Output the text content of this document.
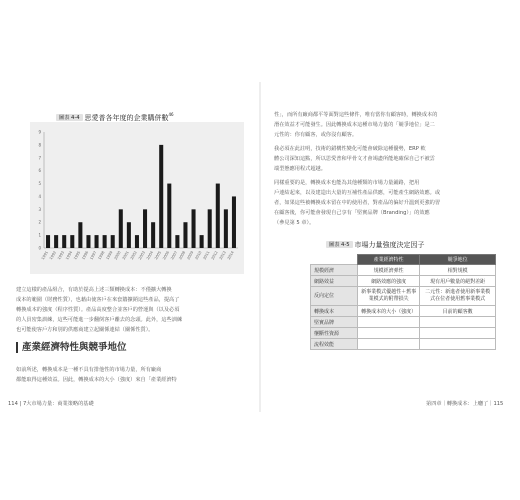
圖表 4-4 思愛普各年度的企業購併數$^{46}$
0
1
2
3
4
5
6
7
8
9
1991 1992 1993 1994 1995 1996 1997 1998 1999 2000 2001 2002 2003 2004 2005 2006 2007 2008 2009 2010 2011 2012 2013 2014
建立這樣的產品組合，有助於提高上述三類轉換成本：不僅擴大轉換
成本的範圍（財務性質），也藉由使客戶在來套牆擴銷這些產品，提高了
轉換成本的強度（程序性質）。產品高度整合並客戶的營運與（以及必須
的人員密集訓練，這些可能進一步翻倒客戶離去的念頭。此外，這些訓練
也可能使客戶方和別的供應商建立起關係連結（關係性質）。
產業經濟特性與競爭地位
如前所述，轉換成本是一種不具有排他性的市場力量，所有廠商
都能取得這種效益。因此，轉換成本的大小（強度）來自「產業經濟特
114 | 7大市場力量：商業策略的基礎
性」，而所有廠商都平等面對這些條件，唯有當你有顧客時，轉換成本的
潛在效益才可能發生。因此轉換成本這種市場力量的「競爭地位」是二
元性的：你有顧客，或你沒有顧客。
我必須在此註明，技術的錯構性變化可能會破除這種優勢，ERP 軟
體公司深知這點，所以思愛普和甲骨文才會竭盡所能地確保自己不被雲
端型態應用程式超越。
同樣重要的是，轉換成本也能為其他種類的市場力量鋪路，把用
戶連結起來，以及建造出大量的互補性產品供應，可能產生網路效應。或
者，如果這些被轉換成本留在中的使用者，對產品的偏好升溫到更強的習
在顧客後，你可能會發現自己享有「堅實品牌（Branding）」的效應
（參見第 5 章）。
圖表 4-5 市場力量強度決定因子
	產業經濟特性	競爭地位
規模經濟	規模經濟弹性	相對規模
網路效益	網路效應的強度	現有用戶數量的絕對差距
反向定位	新事業模式優越性＋舊事業模式的附帶損失	二元性：新進者使用新事業模式在位者使用舊事業模式
轉換成本	轉換成本的大小（強度）	目前的顧客數
堅實品牌		
壟斷性資源		
流程效能		
第四章｜轉換成本：上癮了｜115
